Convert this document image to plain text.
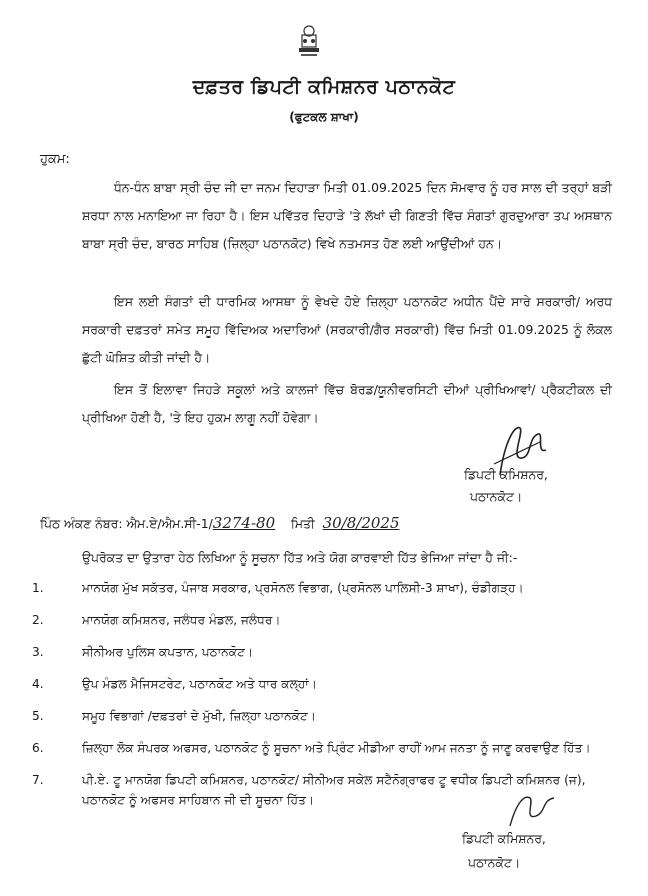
ਦਫ਼ਤਰ ਡਿਪਟੀ ਕਮਿਸ਼ਨਰ ਪਠਾਨਕੋਟ
(ਫੁਟਕਲ ਸ਼ਾਖਾ)
ਹੁਕਮ:
ਧੰਨ-ਧੰਨ ਬਾਬਾ ਸ੍ਰੀ ਚੰਦ ਜੀ ਦਾ ਜਨਮ ਦਿਹਾੜਾ ਮਿਤੀ 01.09.2025 ਦਿਨ ਸੋਮਵਾਰ ਨੂੰ ਹਰ ਸਾਲ ਦੀ ਤਰ੍ਹਾਂ ਬੜੀ ਸ਼ਰਧਾ ਨਾਲ ਮਨਾਇਆ ਜਾ ਰਿਹਾ ਹੈ। ਇਸ ਪਵਿੱਤਰ ਦਿਹਾੜੇ 'ਤੇ ਲੱਖਾਂ ਦੀ ਗਿਣਤੀ ਵਿੱਚ ਸੰਗਤਾਂ ਗੁਰਦੁਆਰਾ ਤਪ ਅਸਥਾਨ ਬਾਬਾ ਸ੍ਰੀ ਚੰਦ, ਬਾਰਠ ਸਾਹਿਬ (ਜ਼ਿਲ੍ਹਾ ਪਠਾਨਕੋਟ) ਵਿਖੇ ਨਤਮਸਤ ਹੋਣ ਲਈ ਆਉਂਦੀਆਂ ਹਨ।
ਇਸ ਲਈ ਸੰਗਤਾਂ ਦੀ ਧਾਰਮਿਕ ਆਸਥਾ ਨੂੰ ਵੇਖਦੇ ਹੋਏ ਜ਼ਿਲ੍ਹਾ ਪਠਾਨਕੋਟ ਅਧੀਨ ਪੈਂਦੇ ਸਾਰੇ ਸਰਕਾਰੀ/ ਅਰਧ ਸਰਕਾਰੀ ਦਫ਼ਤਰਾਂ ਸਮੇਤ ਸਮੂਹ ਵਿੱਦਿਅਕ ਅਦਾਰਿਆਂ (ਸਰਕਾਰੀ/ਗੈਰ ਸਰਕਾਰੀ) ਵਿੱਚ ਮਿਤੀ 01.09.2025 ਨੂੰ ਲੋਕਲ ਛੁੱਟੀ ਘੋਸ਼ਿਤ ਕੀਤੀ ਜਾਂਦੀ ਹੈ।
ਇਸ ਤੋਂ ਇਲਾਵਾ ਜਿਹੜੇ ਸਕੂਲਾਂ ਅਤੇ ਕਾਲਜਾਂ ਵਿੱਚ ਬੋਰਡ/ਯੂਨੀਵਰਸਿਟੀ ਦੀਆਂ ਪ੍ਰੀਖਿਆਵਾਂ/ ਪ੍ਰੈਕਟੀਕਲ ਦੀ ਪ੍ਰੀਖਿਆ ਹੋਣੀ ਹੈ, 'ਤੇ ਇਹ ਹੁਕਮ ਲਾਗੂ ਨਹੀਂ ਹੋਵੇਗਾ।
ਡਿਪਟੀ ਕਮਿਸ਼ਨਰ,
ਪਠਾਨਕੋਟ।
ਪਿੰਠ ਅੰਕਣ ਨੰਬਰ: ਐਮ.ਏ/ਐਮ.ਸੀ-1/3274-80 ਮਿਤੀ 30/8/2025
ਉਪਰੋਕਤ ਦਾ ਉਤਾਰਾ ਹੇਠ ਲਿਖਿਆ ਨੂੰ ਸੂਚਨਾ ਹਿੱਤ ਅਤੇ ਯੋਗ ਕਾਰਵਾਈ ਹਿੱਤ ਭੇਜਿਆ ਜਾਂਦਾ ਹੈ ਜੀ:-
1.	ਮਾਨਯੋਗ ਮੁੱਖ ਸਕੱਤਰ, ਪੰਜਾਬ ਸਰਕਾਰ, ਪ੍ਰਸੋਨਲ ਵਿਭਾਗ, (ਪ੍ਰਸੋਨਲ ਪਾਲਿਸੀ-3 ਸ਼ਾਖਾ), ਚੰਡੀਗੜ੍ਹ।
2.	ਮਾਨਯੋਗ ਕਮਿਸ਼ਨਰ, ਜਲੰਧਰ ਮੰਡਲ, ਜਲੰਧਰ।
3.	ਸੀਨੀਅਰ ਪੁਲਿਸ ਕਪਤਾਨ, ਪਠਾਨਕੋਟ।
4.	ਉਪ ਮੰਡਲ ਮੈਜਿਸਟਰੇਟ, ਪਠਾਨਕੋਟ ਅਤੇ ਧਾਰ ਕਲ੍ਹਾਂ।
5.	ਸਮੂਹ ਵਿਭਾਗਾਂ /ਦਫ਼ਤਰਾਂ ਦੇ ਮੁੱਖੀ, ਜ਼ਿਲ੍ਹਾ ਪਠਾਨਕੋਟ।
6.	ਜ਼ਿਲ੍ਹਾ ਲੋਕ ਸੰਪਰਕ ਅਫਸਰ, ਪਠਾਨਕੋਟ ਨੂੰ ਸੂਚਨਾ ਅਤੇ ਪ੍ਰਿੰਟ ਮੀਡੀਆ ਰਾਹੀਂ ਆਮ ਜਨਤਾ ਨੂੰ ਜਾਣੂ ਕਰਵਾਉਣ ਹਿੱਤ।
7.	ਪੀ.ਏ. ਟੂ ਮਾਨਯੋਗ ਡਿਪਟੀ ਕਮਿਸ਼ਨਰ, ਪਠਾਨਕੋਟ/ ਸੀਨੀਅਰ ਸਕੇਲ ਸਟੈਨੋਗ੍ਰਾਫਰ ਟੂ ਵਧੀਕ ਡਿਪਟੀ ਕਮਿਸ਼ਨਰ (ਜ), ਪਠਾਨਕੋਟ ਨੂੰ ਅਫਸਰ ਸਾਹਿਬਾਨ ਜੀ ਦੀ ਸੂਚਨਾ ਹਿੱਤ।
ਡਿਪਟੀ ਕਮਿਸ਼ਨਰ,
ਪਠਾਨਕੋਟ।
